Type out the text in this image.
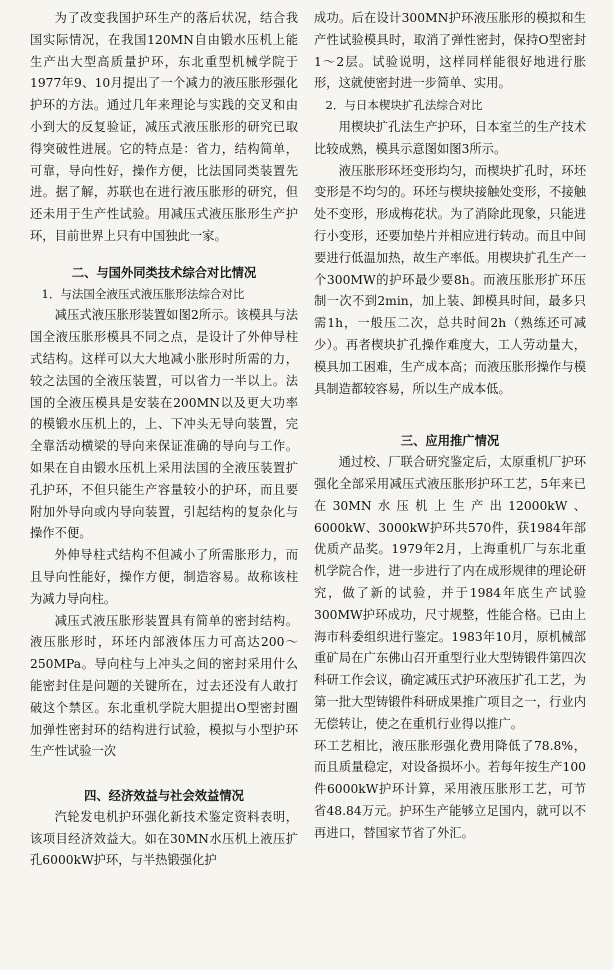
为了改变我国护环生产的落后状况，结合我国实际情况，在我国120MN自由锻水压机上能生产出大型高质量护环，东北重型机械学院于1977年9、10月提出了一个减力的液压胀形强化护环的方法。通过几年来理论与实践的交叉和由小到大的反复验证，减压式液压胀形的研究已取得突破性进展。它的特点是：省力，结构简单，可靠，导向性好，操作方便，比法国同类装置先进。据了解，苏联也在进行液压胀形的研究，但还未用于生产性试验。用减压式液压胀形生产护环，目前世界上只有中国独此一家。

二、与国外同类技术综合对比情况

1．与法国全液压式液压胀形法综合对比

减压式液压胀形装置如图2所示。该模具与法国全液压胀形模具不同之点，是设计了外伸导柱式结构。这样可以大大地减小胀形时所需的力，较之法国的全液压装置，可以省力一半以上。法国的全液压模具是安装在200MN以及更大功率的模锻水压机上的，上、下冲头无导向装置，完全靠活动横梁的导向来保证准确的导向与工作。如果在自由锻水压机上采用法国的全液压装置扩孔护环，不但只能生产容量较小的护环，而且要附加外导向或内导向装置，引起结构的复杂化与操作不便。

外伸导柱式结构不但减小了所需胀形力，而且导向性能好，操作方便，制造容易。故称该柱为减力导向柱。

减压式液压胀形装置具有简单的密封结构。液压胀形时，环坯内部液体压力可高达200～250MPa。导向柱与上冲头之间的密封采用什么能密封住是问题的关键所在，过去还没有人敢打破这个禁区。东北重机学院大胆提出O型密封圈加弹性密封环的结构进行试验，模拟与小型护环生产性试验一次

四、经济效益与社会效益情况

汽轮发电机护环强化新技术鉴定资料表明，该项目经济效益大。如在30MN水压机上液压扩孔6000kW护环，与半热锻强化护

成功。后在设计300MN护环液压胀形的模拟和生产性试验模具时，取消了弹性密封，保持O型密封1～2层。试验说明，这样同样能很好地进行胀形，这就使密封进一步简单、实用。

2．与日本楔块扩孔法综合对比

用楔块扩孔法生产护环，日本室兰的生产技术比较成熟，模具示意图如图3所示。

液压胀形环坯变形均匀，而楔块扩孔时，环坯变形是不均匀的。环坯与楔块接触处变形，不接触处不变形，形成梅花状。为了消除此现象，只能进行小变形，还要加垫片并相应进行转动。而且中间要进行低温加热，故生产率低。用楔块扩孔生产一个300MW的护环最少要8h。而液压胀形扩环压制一次不到2min，加上装、卸模具时间，最多只需1h，一般压二次，总共时间2h（熟练还可减少）。再者楔块扩孔操作难度大，工人劳动量大，模具加工困难，生产成本高；而液压胀形操作与模具制造都较容易，所以生产成本低。

三、应用推广情况

通过校、厂联合研究鉴定后，太原重机厂护环强化全部采用减压式液压胀形护环工艺，5年来已在30MN水压机上生产出12000kW、6000kW、3000kW护环共570件，获1984年部优质产品奖。1979年2月，上海重机厂与东北重机学院合作，进一步进行了内在成形规律的理论研究，做了新的试验，并于1984年底生产试验300MW护环成功，尺寸规整，性能合格。已由上海市科委组织进行鉴定。1983年10月，原机械部重矿局在广东佛山召开重型行业大型铸锻件第四次科研工作会议，确定减压式护环液压扩孔工艺，为第一批大型铸锻件科研成果推广项目之一，行业内无偿转让，使之在重机行业得以推广。

环工艺相比，液压胀形强化费用降低了78.8%，而且质量稳定，对设备损坏小。若每年按生产100件6000kW护环计算，采用液压胀形工艺，可节省48.84万元。护环生产能够立足国内，就可以不再进口，替国家节省了外汇。
